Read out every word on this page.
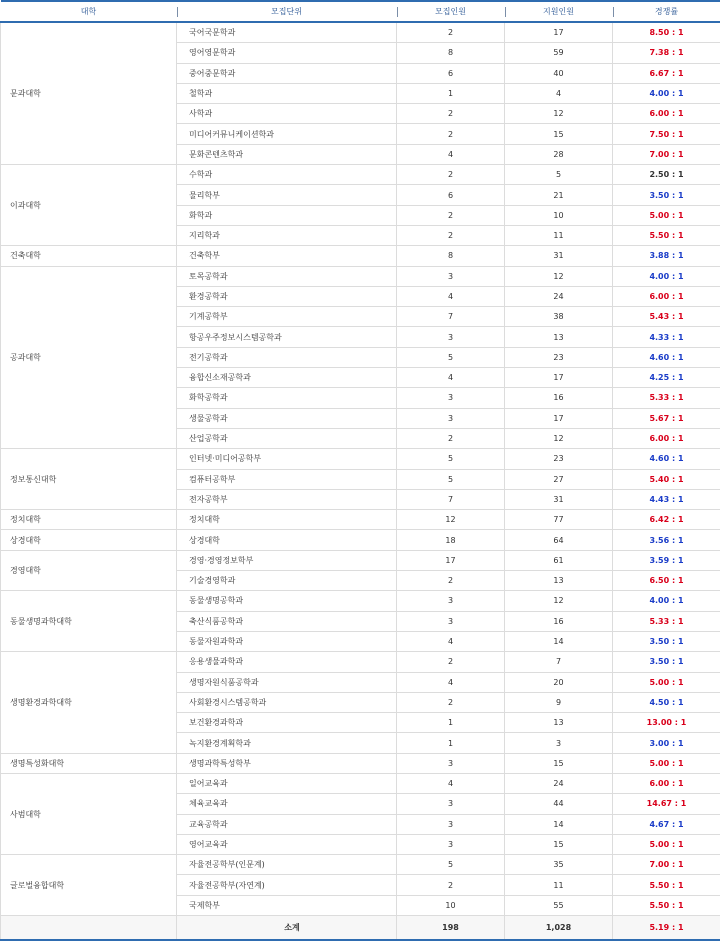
대학	모집단위	모집인원	지원인원	경쟁률
문과대학	국어국문학과	2	17	8.50 : 1
	영어영문학과	8	59	7.38 : 1
	중어중문학과	6	40	6.67 : 1
	철학과	1	4	4.00 : 1
	사학과	2	12	6.00 : 1
	미디어커뮤니케이션학과	2	15	7.50 : 1
	문화콘텐츠학과	4	28	7.00 : 1
이과대학	수학과	2	5	2.50 : 1
	물리학부	6	21	3.50 : 1
	화학과	2	10	5.00 : 1
	지리학과	2	11	5.50 : 1
건축대학	건축학부	8	31	3.88 : 1
공과대학	토목공학과	3	12	4.00 : 1
	환경공학과	4	24	6.00 : 1
	기계공학부	7	38	5.43 : 1
	항공우주정보시스템공학과	3	13	4.33 : 1
	전기공학과	5	23	4.60 : 1
	융합신소재공학과	4	17	4.25 : 1
	화학공학과	3	16	5.33 : 1
	생물공학과	3	17	5.67 : 1
	산업공학과	2	12	6.00 : 1
정보통신대학	인터넷·미디어공학부	5	23	4.60 : 1
	컴퓨터공학부	5	27	5.40 : 1
	전자공학부	7	31	4.43 : 1
정치대학	정치대학	12	77	6.42 : 1
상경대학	상경대학	18	64	3.56 : 1
경영대학	경영·경영정보학부	17	61	3.59 : 1
	기술경영학과	2	13	6.50 : 1
동물생명과학대학	동물생명공학과	3	12	4.00 : 1
	축산식품공학과	3	16	5.33 : 1
	동물자원과학과	4	14	3.50 : 1
생명환경과학대학	응용생물과학과	2	7	3.50 : 1
	생명자원식품공학과	4	20	5.00 : 1
	사회환경시스템공학과	2	9	4.50 : 1
	보건환경과학과	1	13	13.00 : 1
	녹지환경계획학과	1	3	3.00 : 1
생명특성화대학	생명과학특성학부	3	15	5.00 : 1
사범대학	일어교육과	4	24	6.00 : 1
	체육교육과	3	44	14.67 : 1
	교육공학과	3	14	4.67 : 1
	영어교육과	3	15	5.00 : 1
글로벌융합대학	자율전공학부(인문계)	5	35	7.00 : 1
	자율전공학부(자연계)	2	11	5.50 : 1
	국제학부	10	55	5.50 : 1
	소계	198	1,028	5.19 : 1
